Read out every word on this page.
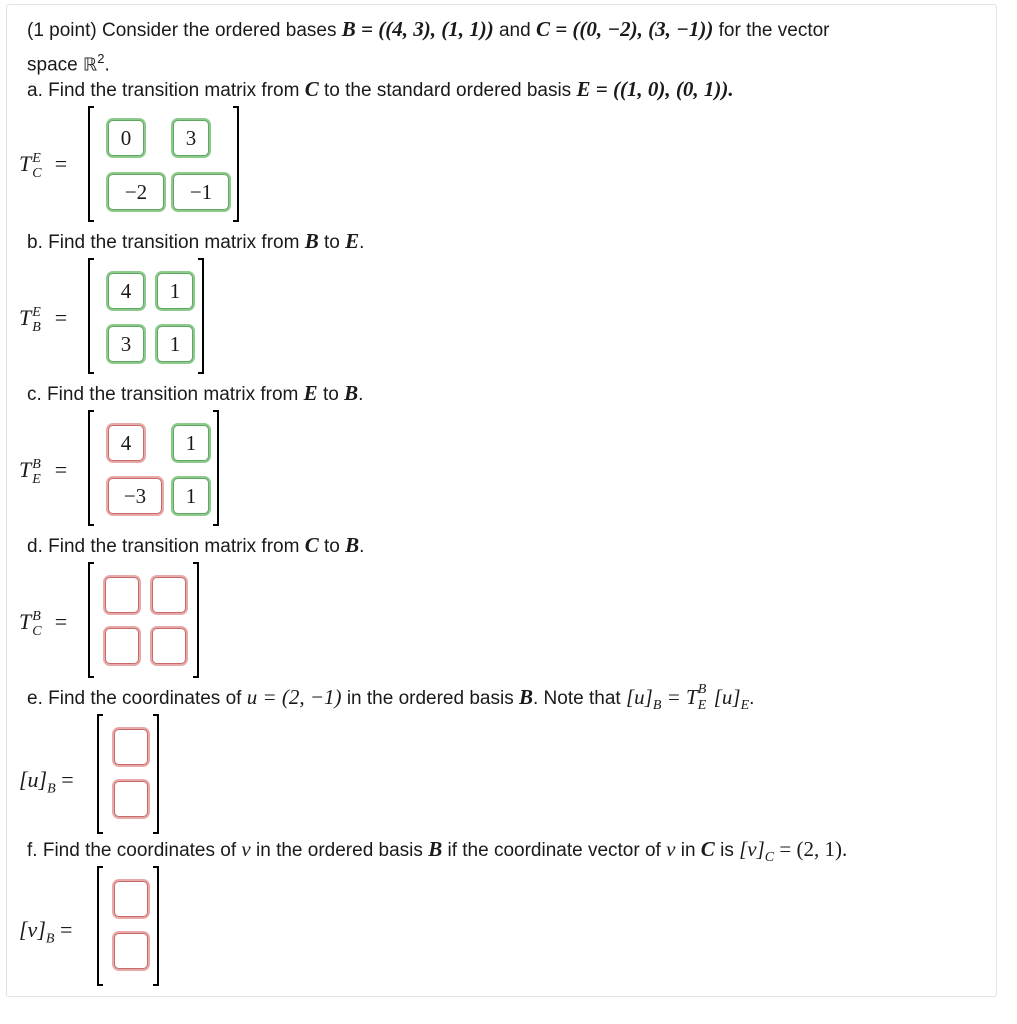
(1 point) Consider the ordered bases B = ((4, 3), (1, 1)) and C = ((0, −2), (3, −1)) for the vector
space ℝ$^2$.
a. Find the transition matrix from C to the standard ordered basis E = ((1, 0), (0, 1)).
T E
C =
0	3
−2	−1
b. Find the transition matrix from B to E.
T E
B =
4	1
3	1
c. Find the transition matrix from E to B.
T B
E =
4	1
−3	1
d. Find the transition matrix from C to B.
T B
C =
e. Find the coordinates of u = (2, −1) in the ordered basis B. Note that $[u]_B = T$ B
E $[u]_E$.
$[u]_B$ =
f. Find the coordinates of v in the ordered basis B if the coordinate vector of v in C is $[v]_C = (2$, 1).
$[v]_B$ =
